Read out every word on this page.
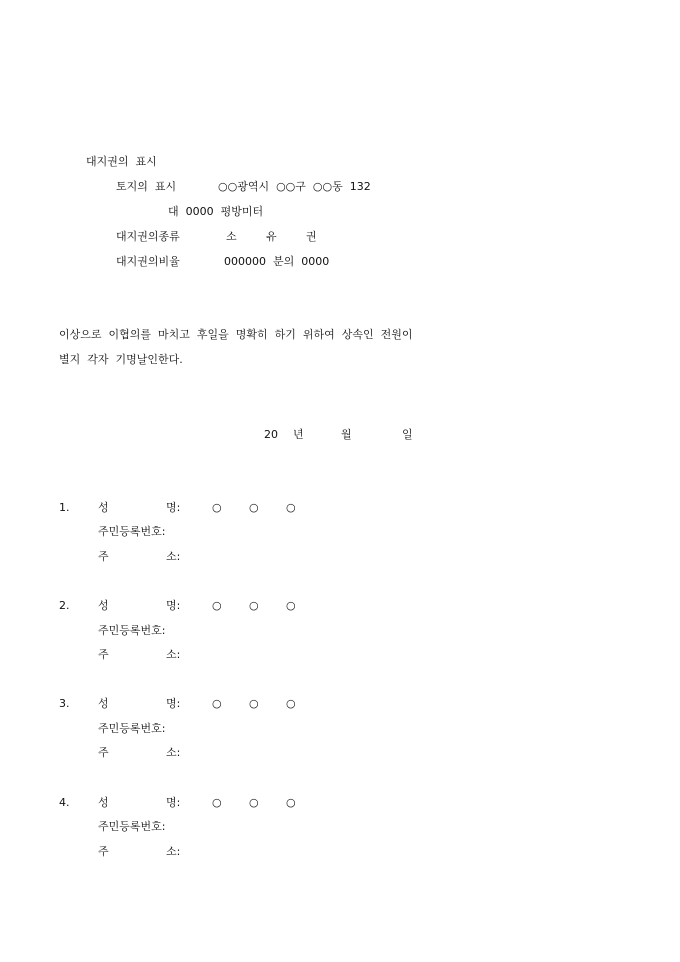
대지권의  표시
토지의  표시	○○광역시  ○○구  ○○동  132
대  0000  평방미터
대지권의종류	소	유	권
대지권의비율	000000  분의  0000
이상으로  이협의를  마치고  후일을  명확히  하기  위하여  상속인  전원이
별지  각자  기명날인한다.
20 년	월	일
1.	성	명:	○ ○ ○
주민등록번호:
주	소:
2.	성	명:	○ ○ ○
주민등록번호:
주	소:
3.	성	명:	○ ○ ○
주민등록번호:
주	소:
4.	성	명:	○ ○ ○
주민등록번호:
주	소:
